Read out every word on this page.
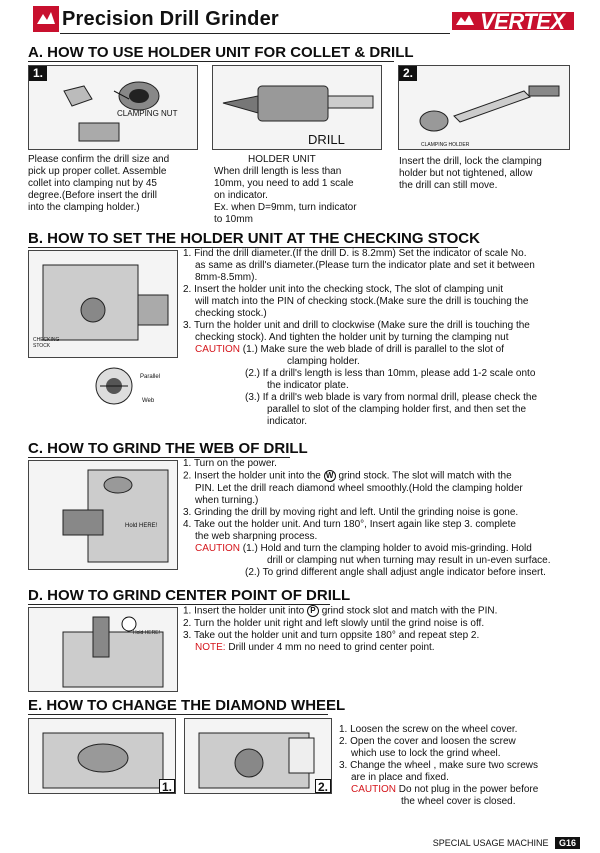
Precision Drill Grinder	VERTEX
A. HOW TO USE HOLDER UNIT FOR COLLET & DRILL
1.
CLAMPING NUT
DRILL
2.
CLAMPING HOLDER
Please confirm the drill size and
pick up proper collet. Assemble
collet into clamping nut by 45
degree.(Before insert the drill
into the clamping holder.)
HOLDER UNIT
When drill length is less than
10mm, you need to add 1 scale
on indicator.
Ex. when D=9mm, turn indicator
to 10mm
Insert the drill, lock the clamping
holder but not tightened, allow
the drill can still move.
B. HOW TO SET THE HOLDER UNIT AT THE CHECKING STOCK
CHECKING STOCK
Parallel
Web
1. Find the drill diameter.(If the drill D. is 8.2mm) Set the indicator of scale No.
as same as drill's diameter.(Please turn the indicator plate and set it between
8mm-8.5mm).
2. Insert the holder unit into the checking stock, The slot of clamping unit
will match into the PIN of checking stock.(Make sure the drill is touching the
checking stock.)
3. Turn the holder unit and drill to clockwise (Make sure the drill is touching the
checking stock). And tighten the holder unit by turning the clamping nut
CAUTION (1.) Make sure the web blade of drill is parallel to the slot of
clamping holder.
(2.) If a drill's length is less than 10mm, please add 1-2 scale onto
the indicator plate.
(3.) If a drill's web blade is vary from normal drill, please check the
parallel to slot of the clamping holder first, and then set the
indicator.
C. HOW TO GRIND THE WEB OF DRILL
Hold HERE!
1. Turn on the power.
2. Insert the holder unit into the W grind stock. The slot will match with the
PIN. Let the drill reach diamond wheel smoothly.(Hold the clamping holder
when turning.)
3. Grinding the drill by moving right and left. Until the grinding noise is gone.
4. Take out the holder unit. And turn 180°, Insert again like step 3. complete
the web sharpning process.
CAUTION (1.) Hold and turn the clamping holder to avoid mis-grinding. Hold
drill or clamping nut when turning may result in un-even surface.
(2.) To grind different angle shall adjust angle indicator before insert.
D. HOW TO GRIND CENTER POINT OF DRILL
Hold HERE!
1. Insert the holder unit into P grind stock slot and match with the PIN.
2. Turn the holder unit right and left slowly until the grind noise is off.
3. Take out the holder unit and turn oppsite 180° and repeat step 2.
NOTE: Drill under 4 mm no need to grind center point.
E. HOW TO CHANGE THE DIAMOND WHEEL
1.	2.
1. Loosen the screw on the wheel cover.
2. Open the cover and loosen the screw
which use to lock the grind wheel.
3. Change the wheel , make sure two screws
are in place and fixed.
CAUTION Do not plug in the power before
the wheel cover is closed.
SPECIAL USAGE MACHINE G16
